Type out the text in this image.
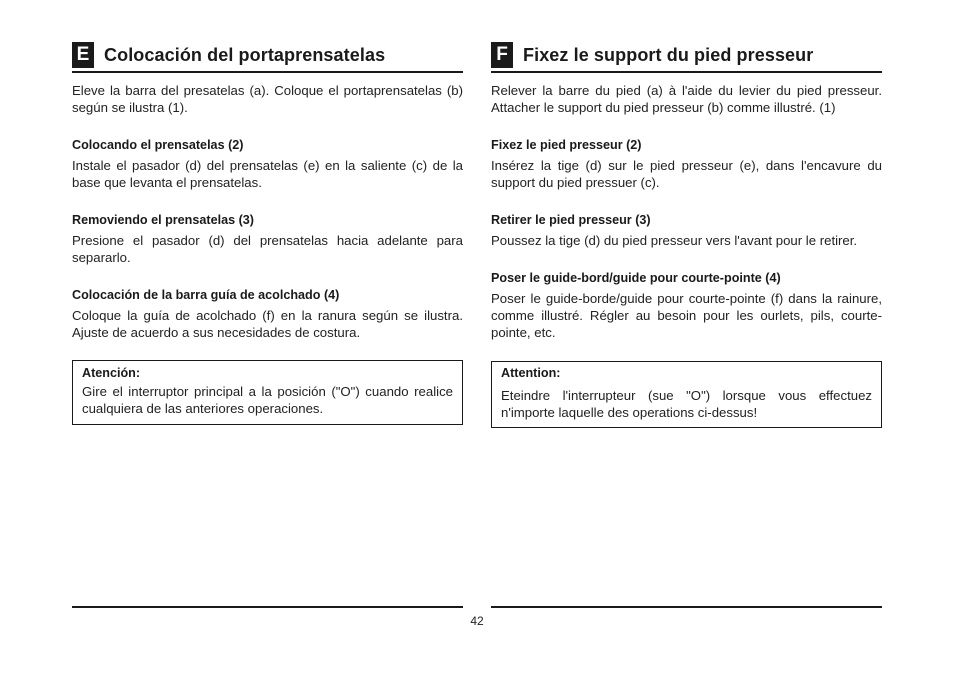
E Colocación del portaprensatelas

Eleve la barra del presatelas (a). Coloque el portaprensatelas (b) según se ilustra (1).

Colocando el prensatelas (2)

Instale el pasador (d) del prensatelas (e) en la saliente (c) de la base que levanta el prensatelas.

Removiendo el prensatelas (3)

Presione el pasador (d) del prensatelas hacia adelante para separarlo.

Colocación de la barra guía de acolchado (4)

Coloque la guía de acolchado (f) en la ranura según se ilustra. Ajuste de acuerdo a sus necesidades de costura.

Atención:

Gire el interruptor principal a la posición ("O") cuando realice cualquiera de las anteriores operaciones.

F Fixez le support du pied presseur

Relever la barre du pied (a) à l'aide du levier du pied presseur. Attacher le support du pied presseur (b) comme illustré. (1)

Fixez le pied presseur (2)

Insérez la tige (d) sur le pied presseur (e), dans l'encavure du support du pied pressuer (c).

Retirer le pied presseur (3)

Poussez la tige (d) du pied presseur vers l'avant pour le retirer.

Poser le guide-bord/guide pour courte-pointe (4)

Poser le guide-borde/guide pour courte-pointe (f) dans la rainure, comme illustré. Régler au besoin pour les ourlets, pils, courte-pointe, etc.

Attention:

Eteindre l'interrupteur (sue "O") lorsque vous effectuez n'importe laquelle des operations ci-dessus!

42
